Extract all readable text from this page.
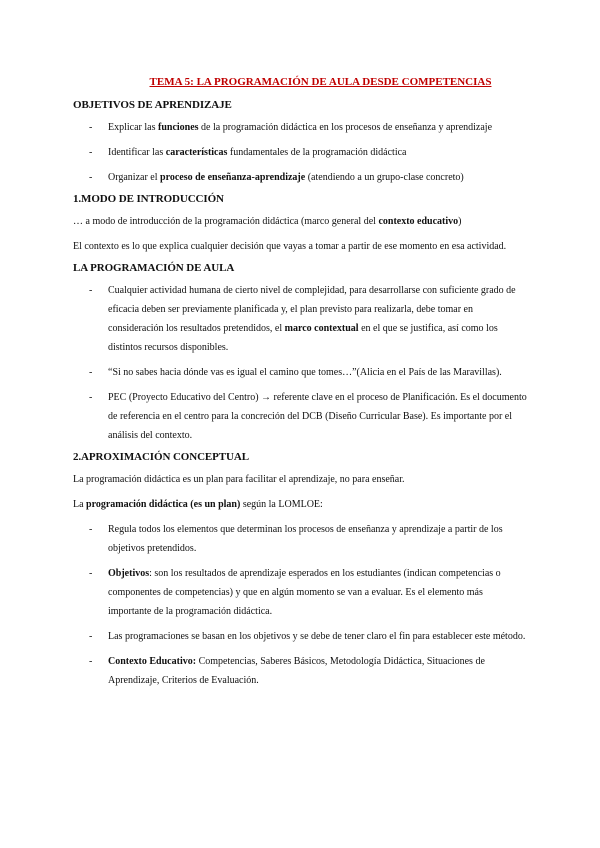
TEMA 5: LA PROGRAMACIÓN DE AULA DESDE COMPETENCIAS
OBJETIVOS DE APRENDIZAJE
- Explicar las funciones de la programación didáctica en los procesos de enseñanza y aprendizaje
- Identificar las características fundamentales de la programación didáctica
- Organizar el proceso de enseñanza-aprendizaje (atendiendo a un grupo-clase concreto)
1.MODO DE INTRODUCCIÓN

… a modo de introducción de la programación didáctica (marco general del contexto educativo)

El contexto es lo que explica cualquier decisión que vayas a tomar a partir de ese momento en esa actividad.

LA PROGRAMACIÓN DE AULA
- Cualquier actividad humana de cierto nivel de complejidad, para desarrollarse con suficiente grado de eficacia deben ser previamente planificada y, el plan previsto para realizarla, debe tomar en consideración los resultados pretendidos, el marco contextual en el que se justifica, así como los distintos recursos disponibles.
- “Si no sabes hacia dónde vas es igual el camino que tomes…”(Alicia en el País de las Maravillas).
- PEC (Proyecto Educativo del Centro) → referente clave en el proceso de Planificación. Es el documento de referencia en el centro para la concreción del DCB (Diseño Curricular Base). Es importante por el análisis del contexto.
2.APROXIMACIÓN CONCEPTUAL

La programación didáctica es un plan para facilitar el aprendizaje, no para enseñar.

La programación didáctica (es un plan) según la LOMLOE:

- Regula todos los elementos que determinan los procesos de enseñanza y aprendizaje a partir de los objetivos pretendidos.
- Objetivos: son los resultados de aprendizaje esperados en los estudiantes (indican competencias o componentes de competencias) y que en algún momento se van a evaluar. Es el elemento más importante de la programación didáctica.
- Las programaciones se basan en los objetivos y se debe de tener claro el fin para establecer este método.
- Contexto Educativo: Competencias, Saberes Básicos, Metodología Didáctica, Situaciones de Aprendizaje, Criterios de Evaluación.
